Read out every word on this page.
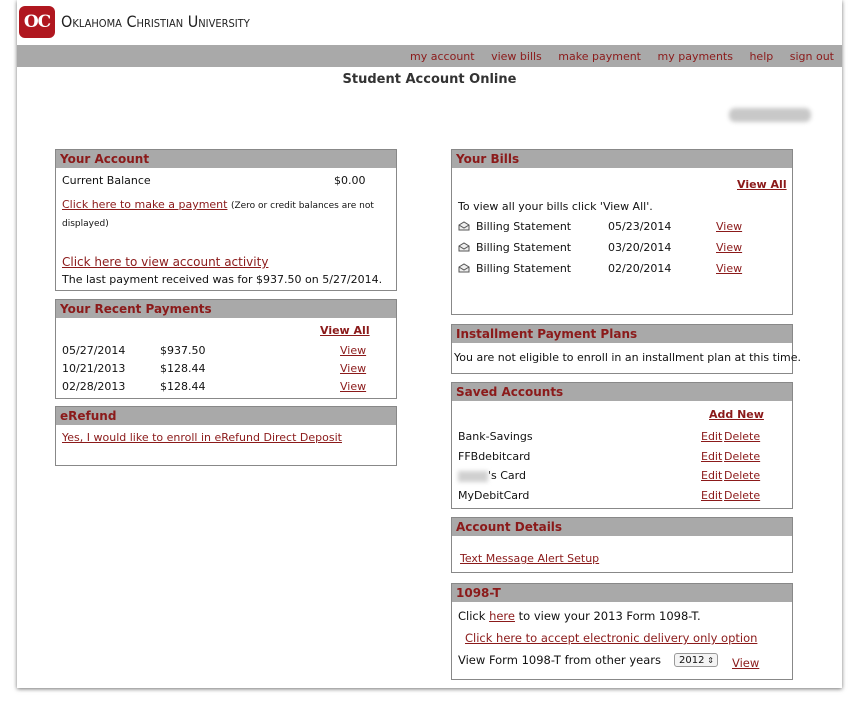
OC Oklahoma Christian University
my account view bills make payment my payments help sign out
Student Account Online
Your Account
Current Balance	$0.00
Click here to make a payment (Zero or credit balances are not
displayed)
Click here to view account activity
The last payment received was for $937.50 on 5/27/2014.
Your Recent Payments
View All
05/27/2014	$937.50	View
10/21/2013	$128.44	View
02/28/2013	$128.44	View
eRefund
Yes, I would like to enroll in eRefund Direct Deposit
Your Bills
View All
To view all your bills click 'View All'.
Billing Statement	05/23/2014	View
Billing Statement	03/20/2014	View
Billing Statement	02/20/2014	View
Installment Payment Plans
You are not eligible to enroll in an installment plan at this time.
Saved Accounts
Add New
Bank-Savings	Edit Delete
FFBdebitcard	Edit Delete
's Card	Edit Delete
MyDebitCard	Edit Delete
Account Details
Text Message Alert Setup
1098-T
Click here to view your 2013 Form 1098-T.
Click here to accept electronic delivery only option
View Form 1098-T from other years	2012 ⇕ View
